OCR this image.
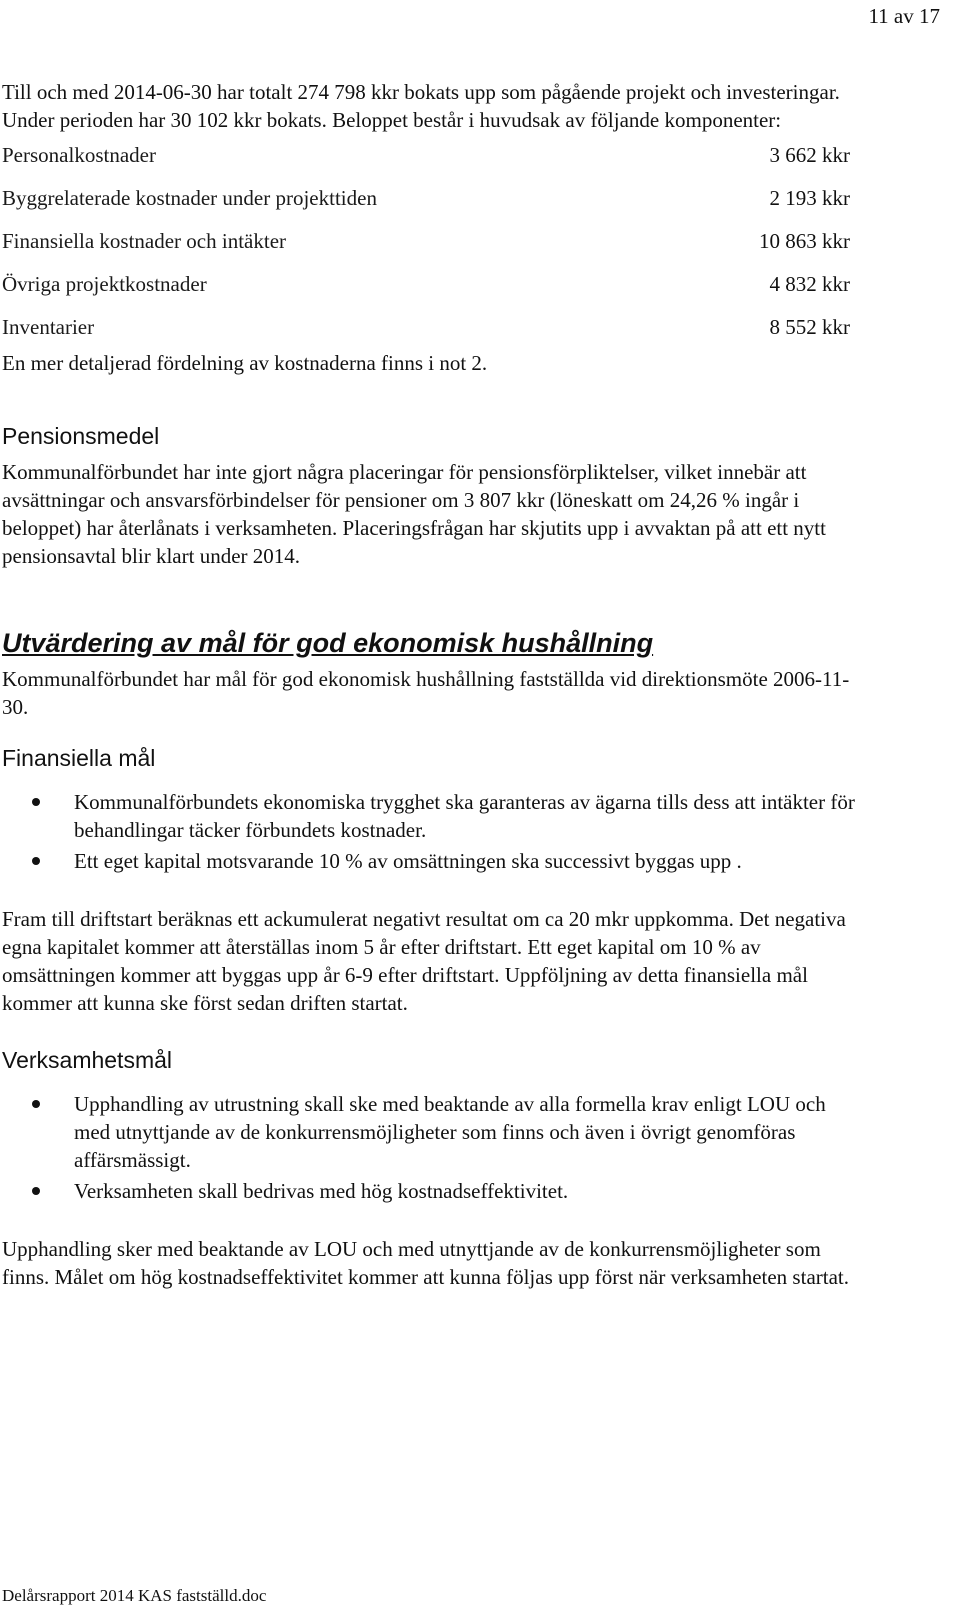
11 av 17

Till och med 2014-06-30 har totalt 274 798 kkr bokats upp som pågående projekt och investeringar. Under perioden har 30 102 kkr bokats. Beloppet består i huvudsak av följande komponenter:

Personalkostnader	3 662 kkr
Byggrelaterade kostnader under projekttiden	2 193 kkr
Finansiella kostnader och intäkter	10 863 kkr
Övriga projektkostnader	4 832 kkr
Inventarier	8 552 kkr

En mer detaljerad fördelning av kostnaderna finns i not 2.

Pensionsmedel

Kommunalförbundet har inte gjort några placeringar för pensionsförpliktelser, vilket innebär att avsättningar och ansvarsförbindelser för pensioner om 3 807 kkr (löneskatt om 24,26 % ingår i beloppet) har återlånats i verksamheten. Placeringsfrågan har skjutits upp i avvaktan på att ett nytt pensionsavtal blir klart under 2014.

Utvärdering av mål för god ekonomisk hushållning

Kommunalförbundet har mål för god ekonomisk hushållning fastställda vid direktionsmöte 2006-11-30.

Finansiella mål
Kommunalförbundets ekonomiska trygghet ska garanteras av ägarna tills dess att intäkter för behandlingar täcker förbundets kostnader.
Ett eget kapital motsvarande 10 % av omsättningen ska successivt byggas upp .

Fram till driftstart beräknas ett ackumulerat negativt resultat om ca 20 mkr uppkomma. Det negativa egna kapitalet kommer att återställas inom 5 år efter driftstart. Ett eget kapital om 10 % av omsättningen kommer att byggas upp år 6-9 efter driftstart. Uppföljning av detta finansiella mål kommer att kunna ske först sedan driften startat.

Verksamhetsmål
Upphandling av utrustning skall ske med beaktande av alla formella krav enligt LOU och med utnyttjande av de konkurrensmöjligheter som finns och även i övrigt genomföras affärsmässigt.
Verksamheten skall bedrivas med hög kostnadseffektivitet.

Upphandling sker med beaktande av LOU och med utnyttjande av de konkurrensmöjligheter som finns. Målet om hög kostnadseffektivitet kommer att kunna följas upp först när verksamheten startat.

Delårsrapport 2014 KAS fastställd.doc
